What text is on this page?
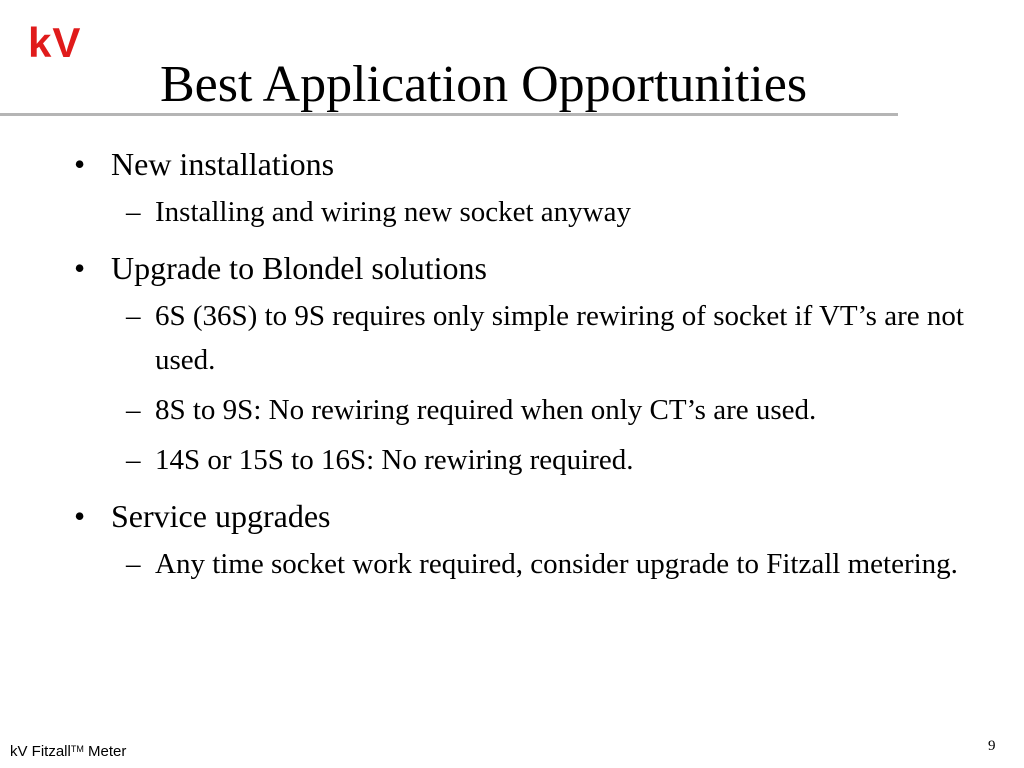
kV
Best Application Opportunities
• New installations
– Installing and wiring new socket anyway
• Upgrade to Blondel solutions
– 6S (36S) to 9S requires only simple rewiring of socket if VT’s are not used.
– 8S to 9S: No rewiring required when only CT’s are used.
– 14S or 15S to 16S: No rewiring required.
• Service upgrades
– Any time socket work required, consider upgrade to Fitzall metering.
kV Fitzall™ Meter	9
